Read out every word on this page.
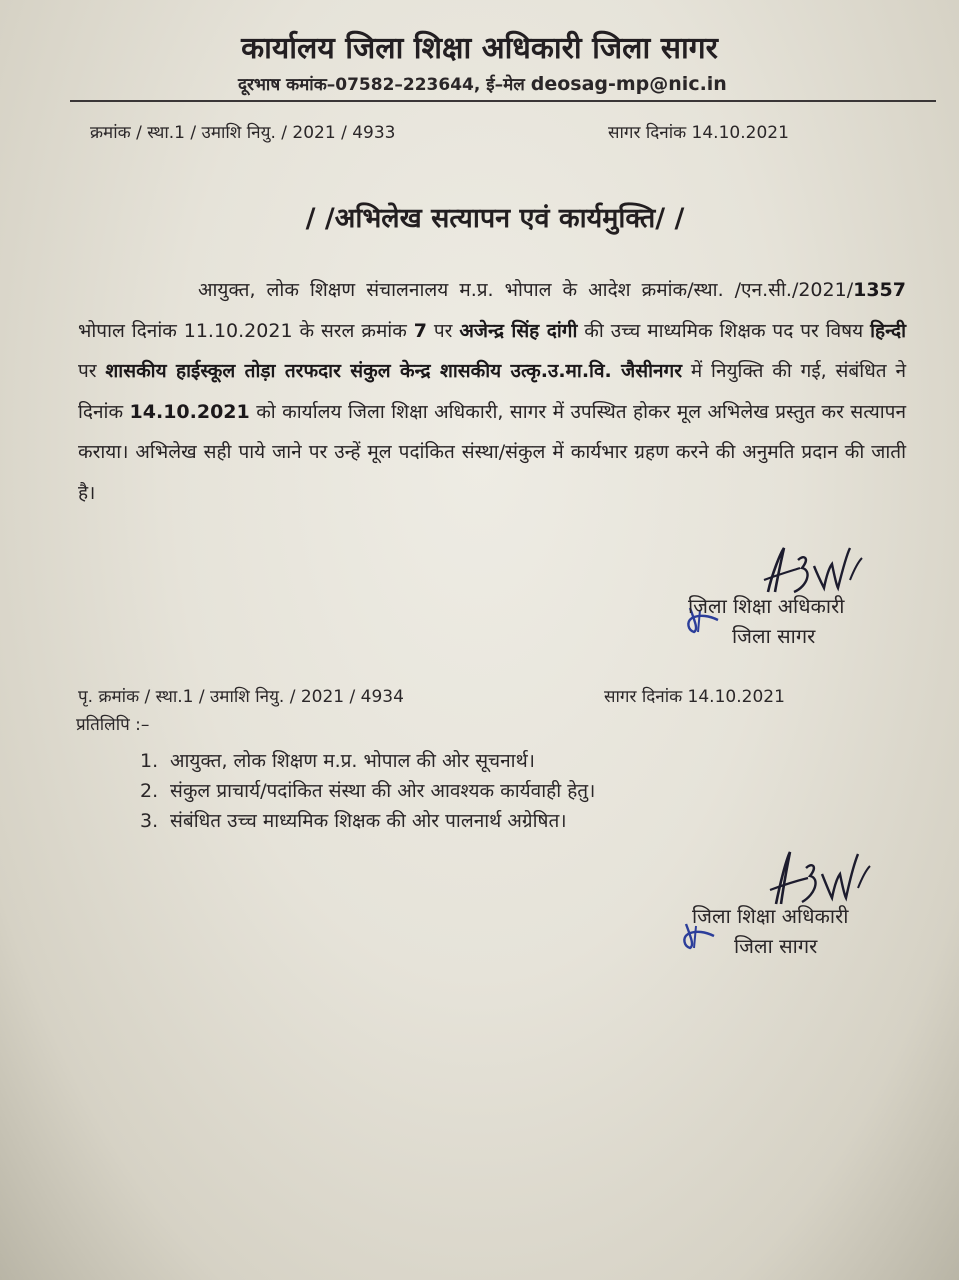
कार्यालय जिला शिक्षा अधिकारी जिला सागर
दूरभाष कमांक–07582–223644, ई–मेल deosag-mp@nic.in
क्रमांक / स्था.1 / उमाशि नियु. / 2021 / 4933	सागर दिनांक 14.10.2021
/ /अभिलेख सत्यापन एवं कार्यमुक्ति/ /

आयुक्त, लोक शिक्षण संचालनालय म.प्र. भोपाल के आदेश क्रमांक/स्था. /एन.सी./2021/1357 भोपाल दिनांक 11.10.2021 के सरल क्रमांक 7 पर अजेन्द्र सिंह दांगी की उच्च माध्यमिक शिक्षक पद पर विषय हिन्दी पर शासकीय हाईस्कूल तोड़ा तरफदार संकुल केन्द्र शासकीय उत्कृ.उ.मा.वि. जैसीनगर में नियुक्ति की गई, संबंधित ने दिनांक 14.10.2021 को कार्यालय जिला शिक्षा अधिकारी, सागर में उपस्थित होकर मूल अभिलेख प्रस्तुत कर सत्यापन कराया। अभिलेख सही पाये जाने पर उन्हें मूल पदांकित संस्था/संकुल में कार्यभार ग्रहण करने की अनुमति प्रदान की जाती है।

जिला शिक्षा अधिकारी
जिला सागर
पृ. क्रमांक / स्था.1 / उमाशि नियु. / 2021 / 4934	सागर दिनांक 14.10.2021
प्रतिलिपि :–
1. आयुक्त, लोक शिक्षण म.प्र. भोपाल की ओर सूचनार्थ।
2. संकुल प्राचार्य/पदांकित संस्था की ओर आवश्यक कार्यवाही हेतु।
3. संबंधित उच्च माध्यमिक शिक्षक की ओर पालनार्थ अग्रेषित।
जिला शिक्षा अधिकारी
जिला सागर
